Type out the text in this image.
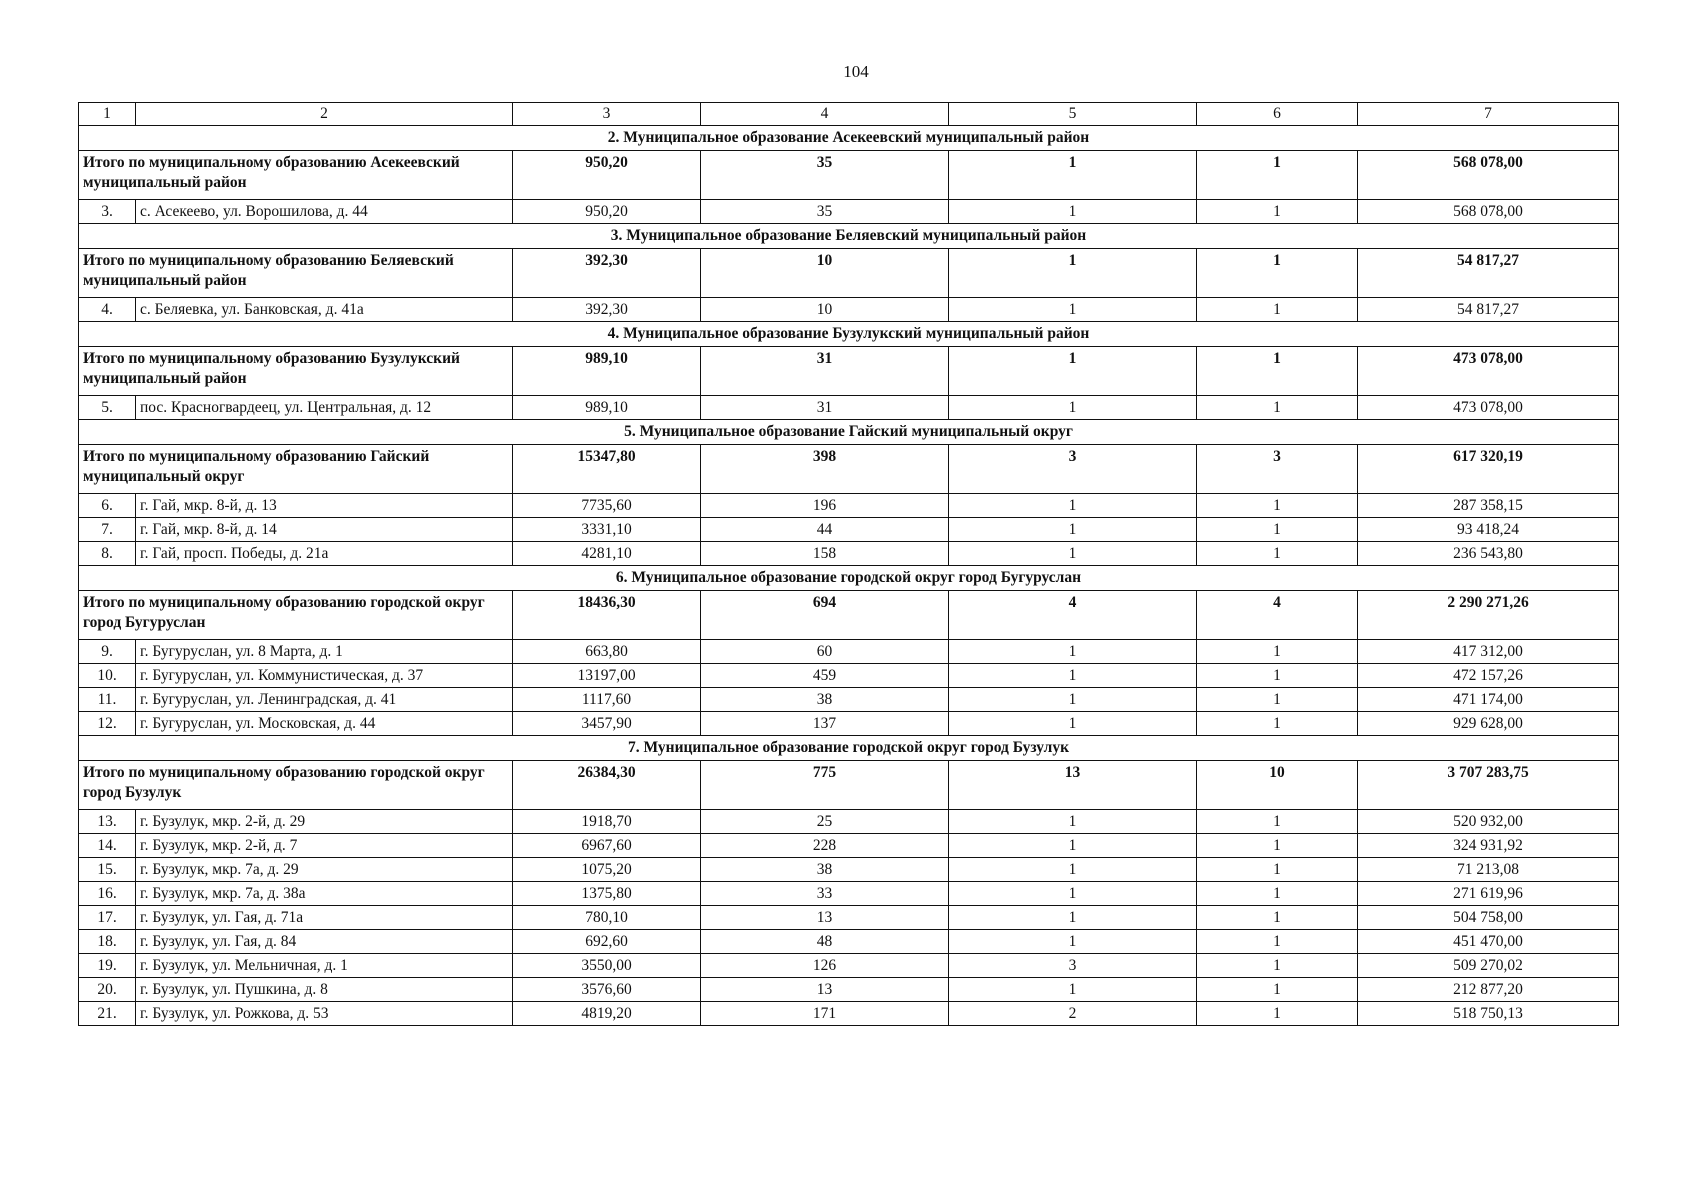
104
1	2	3	4	5	6	7
2. Муниципальное образование Асекеевский муниципальный район						
Итого по муниципальному образованию Асекеевский муниципальный район		950,20	35	1	1	568 078,00
3.	с. Асекеево, ул. Ворошилова, д. 44	950,20	35	1	1	568 078,00
3. Муниципальное образование Беляевский муниципальный район						
Итого по муниципальному образованию Беляевский муниципальный район		392,30	10	1	1	54 817,27
4.	с. Беляевка, ул. Банковская, д. 41а	392,30	10	1	1	54 817,27
4. Муниципальное образование Бузулукский муниципальный район						
Итого по муниципальному образованию Бузулукский муниципальный район		989,10	31	1	1	473 078,00
5.	пос. Красногвардеец, ул. Центральная, д. 12	989,10	31	1	1	473 078,00
5. Муниципальное образование Гайский муниципальный округ						
Итого по муниципальному образованию Гайский муниципальный округ		15347,80	398	3	3	617 320,19
6.	г. Гай, мкр. 8-й, д. 13	7735,60	196	1	1	287 358,15
7.	г. Гай, мкр. 8-й, д. 14	3331,10	44	1	1	93 418,24
8.	г. Гай, просп. Победы, д. 21а	4281,10	158	1	1	236 543,80
6. Муниципальное образование городской округ город Бугуруслан						
Итого по муниципальному образованию городской округ город Бугуруслан		18436,30	694	4	4	2 290 271,26
9.	г. Бугуруслан, ул. 8 Марта, д. 1	663,80	60	1	1	417 312,00
10.	г. Бугуруслан, ул. Коммунистическая, д. 37	13197,00	459	1	1	472 157,26
11.	г. Бугуруслан, ул. Ленинградская, д. 41	1117,60	38	1	1	471 174,00
12.	г. Бугуруслан, ул. Московская, д. 44	3457,90	137	1	1	929 628,00
7. Муниципальное образование городской округ город Бузулук						
Итого по муниципальному образованию городской округ город Бузулук		26384,30	775	13	10	3 707 283,75
13.	г. Бузулук, мкр. 2-й, д. 29	1918,70	25	1	1	520 932,00
14.	г. Бузулук, мкр. 2-й, д. 7	6967,60	228	1	1	324 931,92
15.	г. Бузулук, мкр. 7а, д. 29	1075,20	38	1	1	71 213,08
16.	г. Бузулук, мкр. 7а, д. 38а	1375,80	33	1	1	271 619,96
17.	г. Бузулук, ул. Гая, д. 71а	780,10	13	1	1	504 758,00
18.	г. Бузулук, ул. Гая, д. 84	692,60	48	1	1	451 470,00
19.	г. Бузулук, ул. Мельничная, д. 1	3550,00	126	3	1	509 270,02
20.	г. Бузулук, ул. Пушкина, д. 8	3576,60	13	1	1	212 877,20
21.	г. Бузулук, ул. Рожкова, д. 53	4819,20	171	2	1	518 750,13
